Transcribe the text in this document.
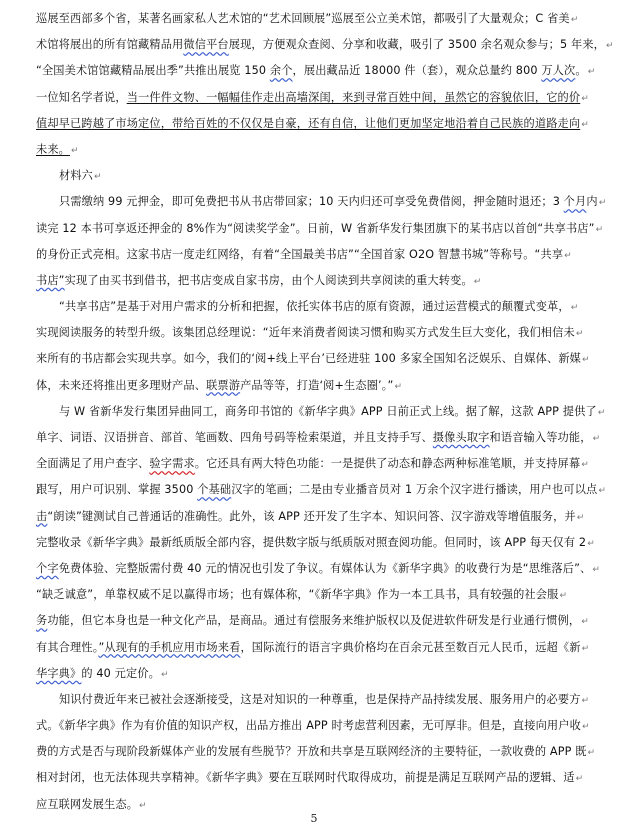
巡展至西部多个省，某著名画家私人艺术馆的“艺术回顾展”巡展至公立美术馆，都吸引了大量观众；C 省美↵
术馆将展出的所有馆藏精品用微信平台展现，方便观众查阅、分享和收藏，吸引了 3500 余名观众参与；5 年来，↵
“全国美术馆馆藏精品展出季”共推出展览 150 余个，展出藏品近 18000 件（套），观众总量约 800 万人次。↵
一位知名学者说，当一件件文物、一幅幅佳作走出高墙深闺，来到寻常百姓中间，虽然它的容貌依旧，它的价↵
值却早已跨越了市场定位，带给百姓的不仅仅是自豪，还有自信，让他们更加坚定地沿着自己民族的道路走向↵
未来。↵
材料六↵
只需缴纳 99 元押金，即可免费把书从书店带回家；10 天内归还可享受免费借阅，押金随时退还；3 个月内↵
读完 12 本书可享返还押金的 8%作为“阅读奖学金”。日前，W 省新华发行集团旗下的某书店以首创“共享书店”↵
的身份正式亮相。这家书店一度走红网络，有着“全国最美书店”“全国首家 O2O 智慧书城”等称号。“共享↵
书店”实现了由买书到借书，把书店变成自家书房，由个人阅读到共享阅读的重大转变。↵
“共享书店”是基于对用户需求的分析和把握，依托实体书店的原有资源，通过运营模式的颠覆式变革，↵
实现阅读服务的转型升级。该集团总经理说：“近年来消费者阅读习惯和购买方式发生巨大变化，我们相信未↵
来所有的书店都会实现共享。如今，我们的‘阅+线上平台’已经进驻 100 多家全国知名泛娱乐、自媒体、新媒↵
体，未来还将推出更多理财产品、联票游产品等等，打造‘阅+生态圈’。”↵
与 W 省新华发行集团异曲同工，商务印书馆的《新华字典》APP 日前正式上线。据了解，这款 APP 提供了↵
单字、词语、汉语拼音、部首、笔画数、四角号码等检索渠道，并且支持手写、摄像头取字和语音输入等功能，↵
全面满足了用户查字、验字需求。它还具有两大特色功能：一是提供了动态和静态两种标准笔顺，并支持屏幕↵
跟写，用户可识别、掌握 3500 个基础汉字的笔画；二是由专业播音员对 1 万余个汉字进行播读，用户也可以点↵
击“朗读”键测试自己普通话的准确性。此外，该 APP 还开发了生字本、知识问答、汉字游戏等增值服务，并↵
完整收录《新华字典》最新纸质版全部内容，提供数字版与纸质版对照查阅功能。但同时，该 APP 每天仅有 2↵
个字免费体验、完整版需付费 40 元的情况也引发了争议。有媒体认为《新华字典》的收费行为是“思维落后”、↵
“缺乏诚意”，单靠权威不足以赢得市场；也有媒体称，“《新华字典》作为一本工具书，具有较强的社会服↵
务功能，但它本身也是一种文化产品，是商品。通过有偿服务来维护版权以及促进软件研发是行业通行惯例，↵
有其合理性。”从现有的手机应用市场来看，国际流行的语言字典价格均在百余元甚至数百元人民币，远超《新↵
华字典》的 40 元定价。↵
知识付费近年来已被社会逐渐接受，这是对知识的一种尊重，也是保持产品持续发展、服务用户的必要方↵
式。《新华字典》作为有价值的知识产权，出品方推出 APP 时考虑营利因素，无可厚非。但是，直接向用户收↵
费的方式是否与现阶段新媒体产业的发展有些脱节？开放和共享是互联网经济的主要特征，一款收费的 APP 既↵
相对封闭，也无法体现共享精神。《新华字典》要在互联网时代取得成功，前提是满足互联网产品的逻辑、适↵
应互联网发展生态。↵
5
